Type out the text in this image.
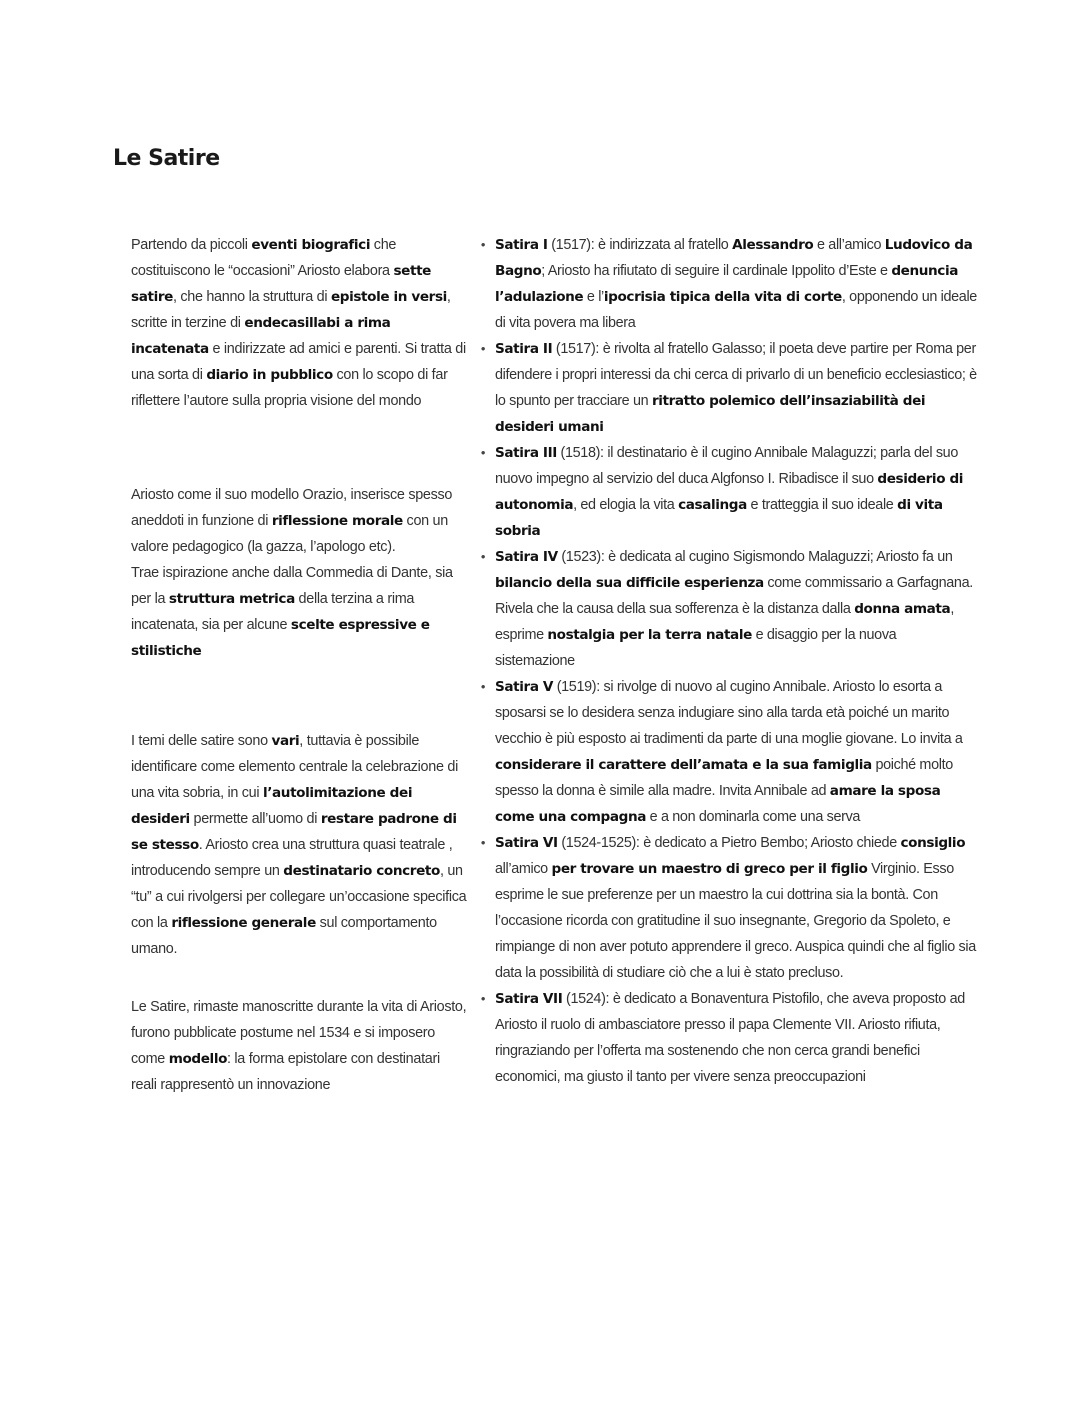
Le Satire

Partendo da piccoli eventi biografici che costituiscono le “occasioni” Ariosto elabora sette satire, che hanno la struttura di epistole in versi, scritte in terzine di endecasillabi a rima incatenata e indirizzate ad amici e parenti. Si tratta di una sorta di diario in pubblico con lo scopo di far riflettere l’autore sulla propria visione del mondo

Ariosto come il suo modello Orazio, inserisce spesso aneddoti in funzione di riflessione morale con un valore pedagogico (la gazza, l’apologo etc).
Trae ispirazione anche dalla Commedia di Dante, sia per la struttura metrica della terzina a rima incatenata, sia per alcune scelte espressive e stilistiche

I temi delle satire sono vari, tuttavia è possibile identificare come elemento centrale la celebrazione di una vita sobria, in cui l’autolimitazione dei desideri permette all’uomo di restare padrone di se stesso. Ariosto crea una struttura quasi teatrale , introducendo sempre un destinatario concreto, un “tu” a cui rivolgersi per collegare un’occasione specifica con la riflessione generale sul comportamento umano.

Le Satire, rimaste manoscritte durante la vita di Ariosto, furono pubblicate postume nel 1534 e si imposero come modello: la forma epistolare con destinatari reali rappresentò un innovazione

• Satira I (1517): è indirizzata al fratello Alessandro e all’amico Ludovico da Bagno; Ariosto ha rifiutato di seguire il cardinale Ippolito d’Este e denuncia l’adulazione e l’ipocrisia tipica della vita di corte, opponendo un ideale di vita povera ma libera
• Satira II (1517): è rivolta al fratello Galasso; il poeta deve partire per Roma per difendere i propri interessi da chi cerca di privarlo di un beneficio ecclesiastico; è lo spunto per tracciare un ritratto polemico dell’insaziabilità dei desideri umani
• Satira III (1518): il destinatario è il cugino Annibale Malaguzzi; parla del suo nuovo impegno al servizio del duca Algfonso I. Ribadisce il suo desiderio di autonomia, ed elogia la vita casalinga e tratteggia il suo ideale di vita sobria
• Satira IV (1523): è dedicata al cugino Sigismondo Malaguzzi; Ariosto fa un bilancio della sua difficile esperienza come commissario a Garfagnana. Rivela che la causa della sua sofferenza è la distanza dalla donna amata, esprime nostalgia per la terra natale e disaggio per la nuova sistemazione
• Satira V (1519): si rivolge di nuovo al cugino Annibale. Ariosto lo esorta a sposarsi se lo desidera senza indugiare sino alla tarda età poiché un marito vecchio è più esposto ai tradimenti da parte di una moglie giovane. Lo invita a considerare il carattere dell’amata e la sua famiglia poiché molto spesso la donna è simile alla madre. Invita Annibale ad amare la sposa come una compagna e a non dominarla come una serva
• Satira VI (1524-1525): è dedicato a Pietro Bembo; Ariosto chiede consiglio all’amico per trovare un maestro di greco per il figlio Virginio. Esso esprime le sue preferenze per un maestro la cui dottrina sia la bontà. Con l’occasione ricorda con gratitudine il suo insegnante, Gregorio da Spoleto, e rimpiange di non aver potuto apprendere il greco. Auspica quindi che al figlio sia data la possibilità di studiare ciò che a lui è stato precluso.
• Satira VII (1524): è dedicato a Bonaventura Pistofilo, che aveva proposto ad Ariosto il ruolo di ambasciatore presso il papa Clemente VII. Ariosto rifiuta, ringraziando per l’offerta ma sostenendo che non cerca grandi benefici economici, ma giusto il tanto per vivere senza preoccupazioni
